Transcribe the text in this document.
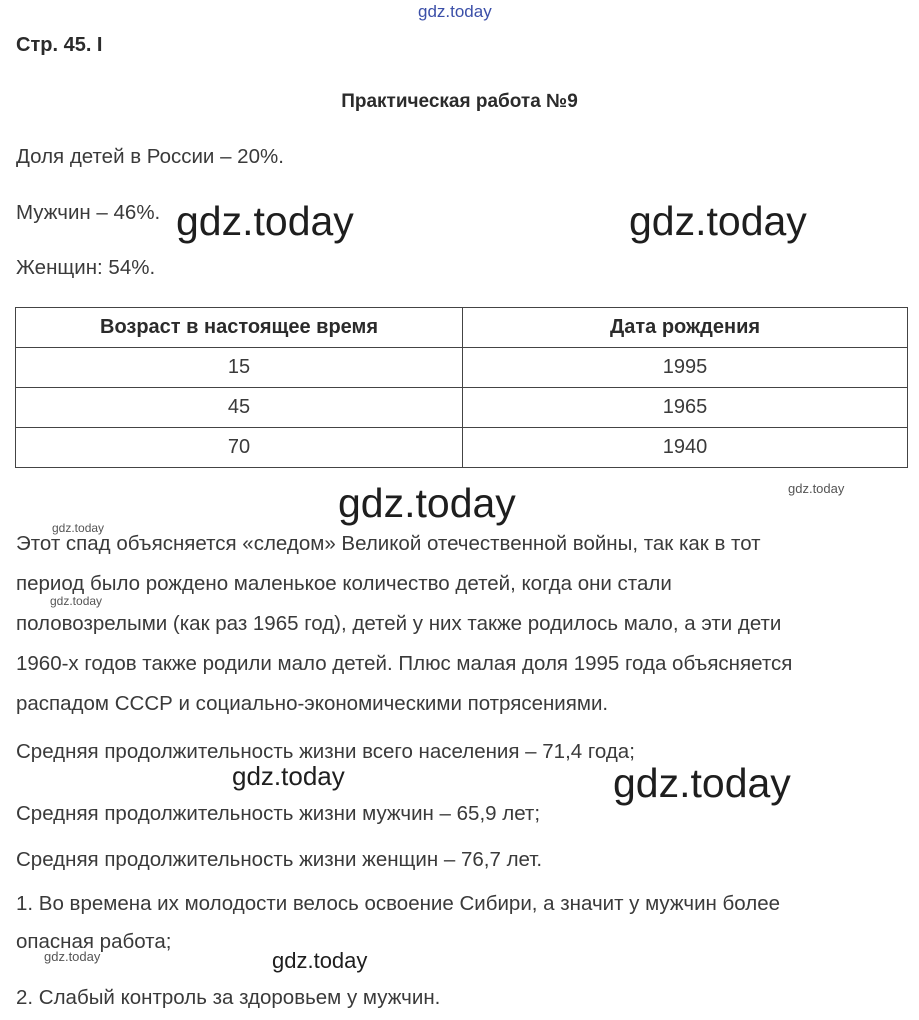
gdz.today
Стр. 45. I
Практическая работа №9
Доля детей в России – 20%.
Мужчин – 46%.
Женщин: 54%.
Возраст в настоящее время	Дата рождения
15	1995
45	1965
70	1940
Этот спад объясняется «следом» Великой отечественной войны, так как в тот
период было рождено маленькое количество детей, когда они стали
половозрелыми (как раз 1965 год), детей у них также родилось мало, а эти дети
1960-х годов также родили мало детей. Плюс малая доля 1995 года объясняется
распадом СССР и социально-экономическими потрясениями.
Средняя продолжительность жизни всего населения – 71,4 года;
Средняя продолжительность жизни мужчин – 65,9 лет;
Средняя продолжительность жизни женщин – 76,7 лет.
1. Во времена их молодости велось освоение Сибири, а значит у мужчин более
опасная работа;
2. Слабый контроль за здоровьем у мужчин.
gdz.today	gdz.today
gdz.today
gdz.today
gdz.today
gdz.today
gdz.today
gdz.today
gdz.today
gdz.today
